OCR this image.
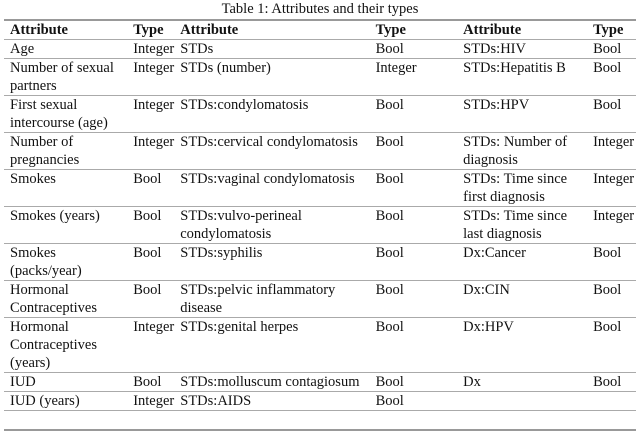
Table 1: Attributes and their types
Attribute	Type	Attribute	Type	Attribute	Type
Age	Integer	STDs	Bool	STDs:HIV	Bool
Number of sexual partners	Integer	STDs (number)	Integer	STDs:Hepatitis B	Bool
First sexual intercourse (age)	Integer	STDs:condylomatosis	Bool	STDs:HPV	Bool
Number of pregnancies	Integer	STDs:cervical condylomatosis	Bool	STDs: Number of diagnosis	Integer
Smokes	Bool	STDs:vaginal condylomatosis	Bool	STDs: Time since first diagnosis	Integer
Smokes (years)	Bool	STDs:vulvo-perineal condylomatosis	Bool	STDs: Time since last diagnosis	Integer
Smokes (packs/year)	Bool	STDs:syphilis	Bool	Dx:Cancer	Bool
Hormonal Contraceptives	Bool	STDs:pelvic inflammatory disease	Bool	Dx:CIN	Bool
Hormonal Contraceptives (years)	Integer	STDs:genital herpes	Bool	Dx:HPV	Bool
IUD	Bool	STDs:molluscum contagiosum	Bool	Dx	Bool
IUD (years)	Integer	STDs:AIDS	Bool		
